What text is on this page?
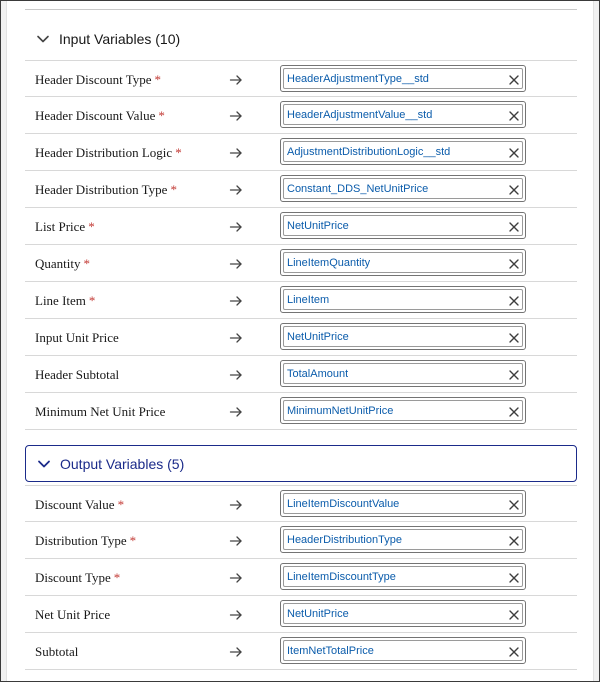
Input Variables (10)
Header Discount Type *	HeaderAdjustmentType__std
Header Discount Value *	HeaderAdjustmentValue__std
Header Distribution Logic *	AdjustmentDistributionLogic__std
Header Distribution Type *	Constant_DDS_NetUnitPrice
List Price *	NetUnitPrice
Quantity *	LineItemQuantity
Line Item *	LineItem
Input Unit Price	NetUnitPrice
Header Subtotal	TotalAmount
Minimum Net Unit Price	MinimumNetUnitPrice
Output Variables (5)
Discount Value *	LineItemDiscountValue
Distribution Type *	HeaderDistributionType
Discount Type *	LineItemDiscountType
Net Unit Price	NetUnitPrice
Subtotal	ItemNetTotalPrice
